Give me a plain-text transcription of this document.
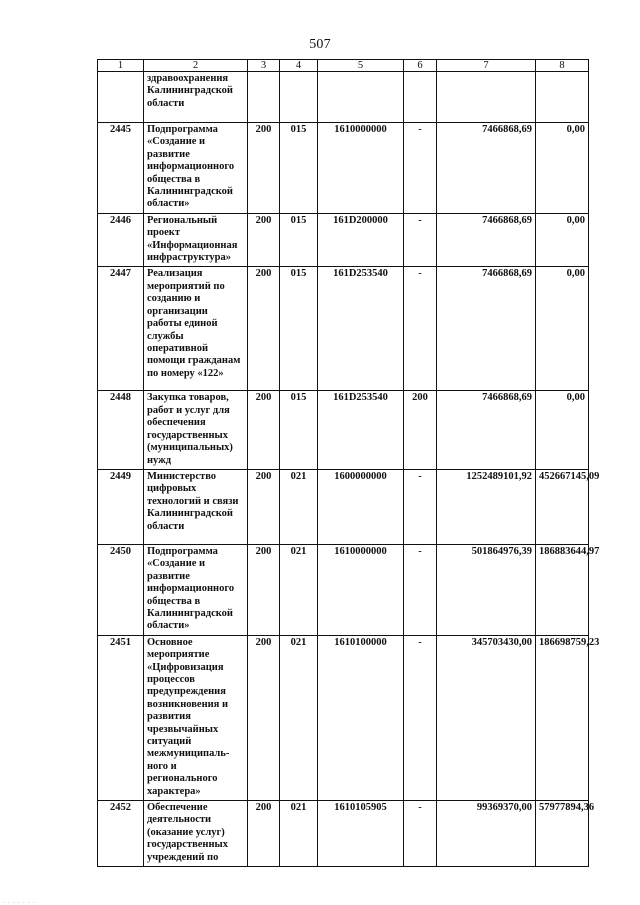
507
1	2	3	4	5	6	7	8
	здравоохранения Калининградской области						
2445	Подпрограмма «Создание и развитие информационного общества в Калининградской области»	200	015	1610000000	-	7466868,69	0,00
2446	Региональный проект «Информационная инфраструктура»	200	015	161D200000	-	7466868,69	0,00
2447	Реализация мероприятий по созданию и организации работы единой службы оперативной помощи гражданам по номеру «122»	200	015	161D253540	-	7466868,69	0,00
2448	Закупка товаров, работ и услуг для обеспечения государственных (муниципальных) нужд	200	015	161D253540	200	7466868,69	0,00
2449	Министерство цифровых технологий и связи Калининградской области	200	021	1600000000	-	1252489101,92	452667145,09
2450	Подпрограмма «Создание и развитие информационного общества в Калининградской области»	200	021	1610000000	-	501864976,39	186883644,97
2451	Основное мероприятие «Цифровизация процессов предупреждения возникновения и развития чрезвычайных ситуаций межмуниципаль-ного и регионального характера»	200	021	1610100000	-	345703430,00	186698759,23
2452	Обеспечение деятельности (оказание услуг) государственных учреждений по	200	021	1610105905	-	99369370,00	57977894,36
. . . . . . .
